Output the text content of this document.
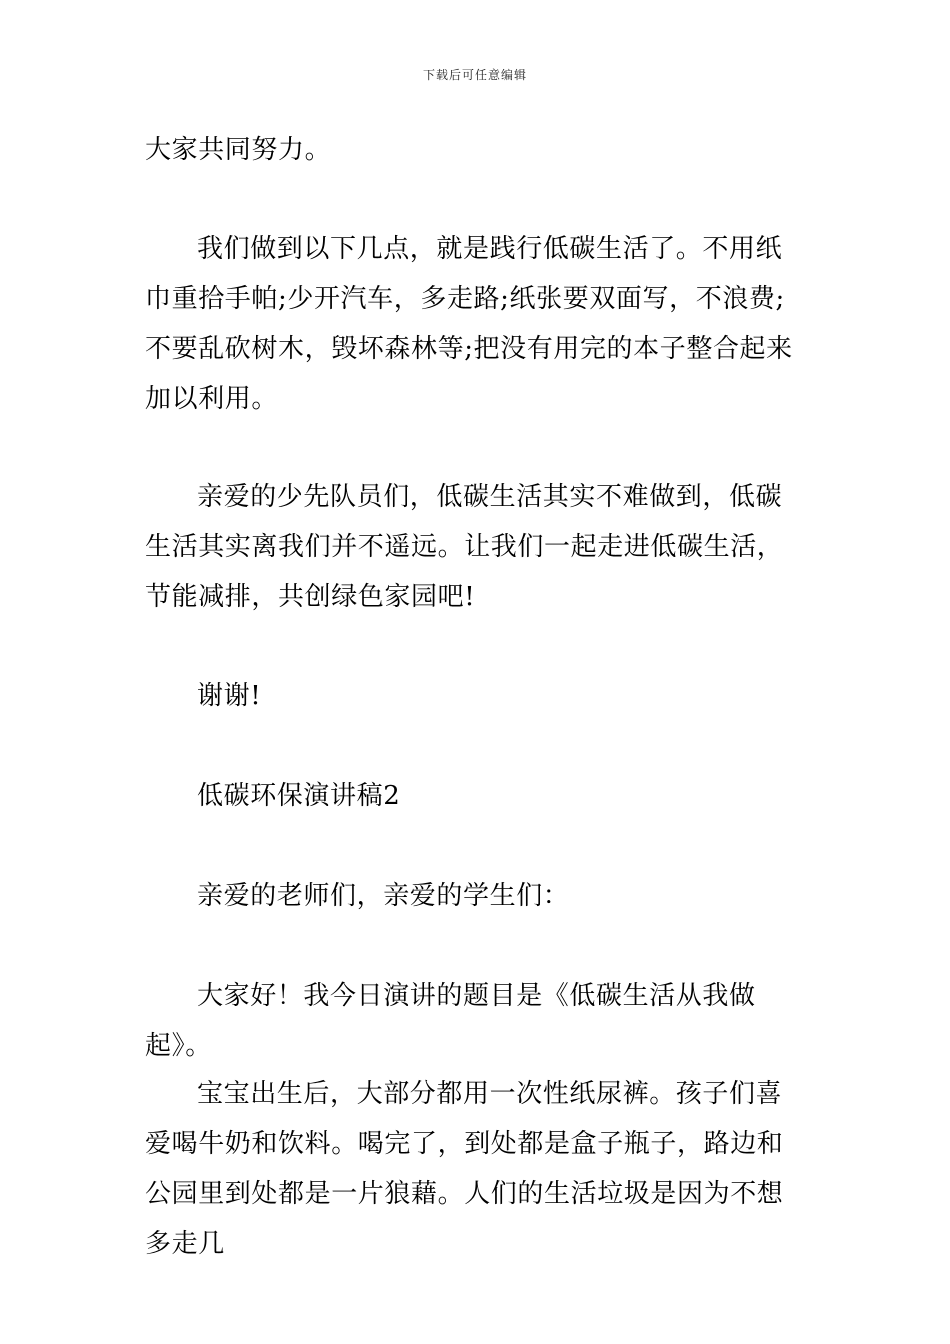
下载后可任意编辑

大家共同努力。

我们做到以下几点，就是践行低碳生活了。不用纸巾重拾手帕;少开汽车，多走路;纸张要双面写，不浪费;不要乱砍树木，毁坏森林等;把没有用完的本子整合起来加以利用。

亲爱的少先队员们，低碳生活其实不难做到，低碳生活其实离我们并不遥远。让我们一起走进低碳生活，节能减排，共创绿色家园吧!

谢谢!

低碳环保演讲稿2

亲爱的老师们，亲爱的学生们：

大家好！我今日演讲的题目是《低碳生活从我做起》。

宝宝出生后，大部分都用一次性纸尿裤。孩子们喜爱喝牛奶和饮料。喝完了，到处都是盒子瓶子，路边和公园里到处都是一片狼藉。人们的生活垃圾是因为不想多走几
